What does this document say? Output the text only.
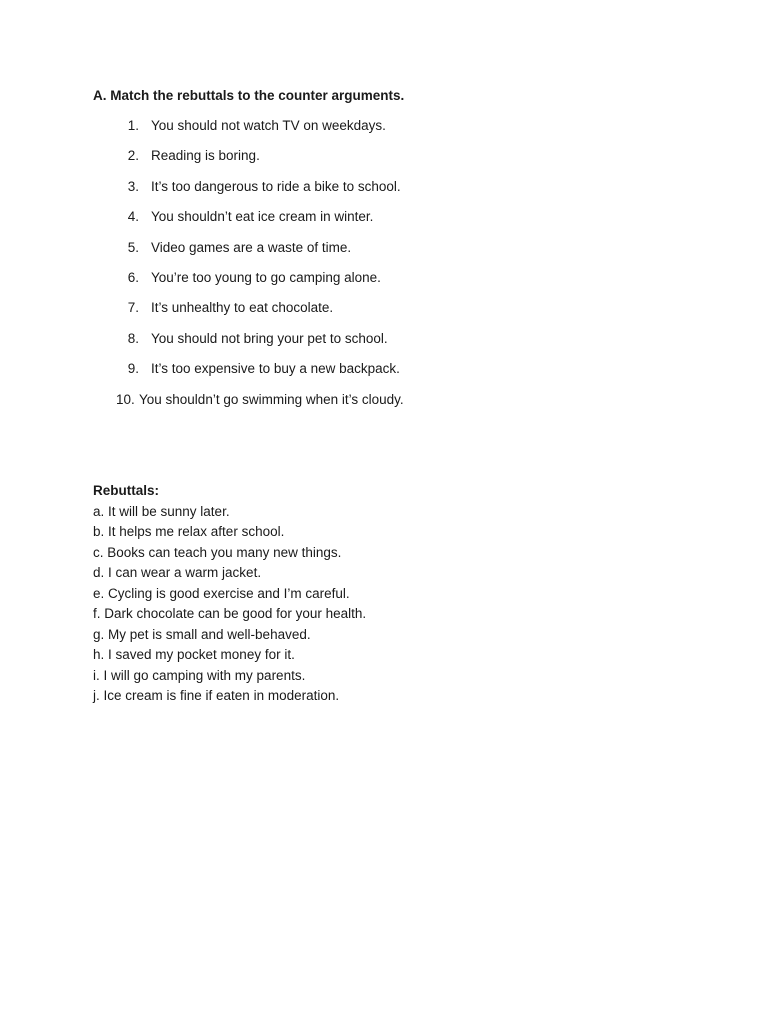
A. Match the rebuttals to the counter arguments.

1. You should not watch TV on weekdays.
2. Reading is boring.
3. It’s too dangerous to ride a bike to school.
4. You shouldn’t eat ice cream in winter.
5. Video games are a waste of time.
6. You’re too young to go camping alone.
7. It’s unhealthy to eat chocolate.
8. You should not bring your pet to school.
9. It’s too expensive to buy a new backpack.
10. You shouldn’t go swimming when it’s cloudy.

Rebuttals:

a. It will be sunny later.
b. It helps me relax after school.
c. Books can teach you many new things.
d. I can wear a warm jacket.
e. Cycling is good exercise and I’m careful.
f. Dark chocolate can be good for your health.
g. My pet is small and well-behaved.
h. I saved my pocket money for it.
i. I will go camping with my parents.
j. Ice cream is fine if eaten in moderation.
